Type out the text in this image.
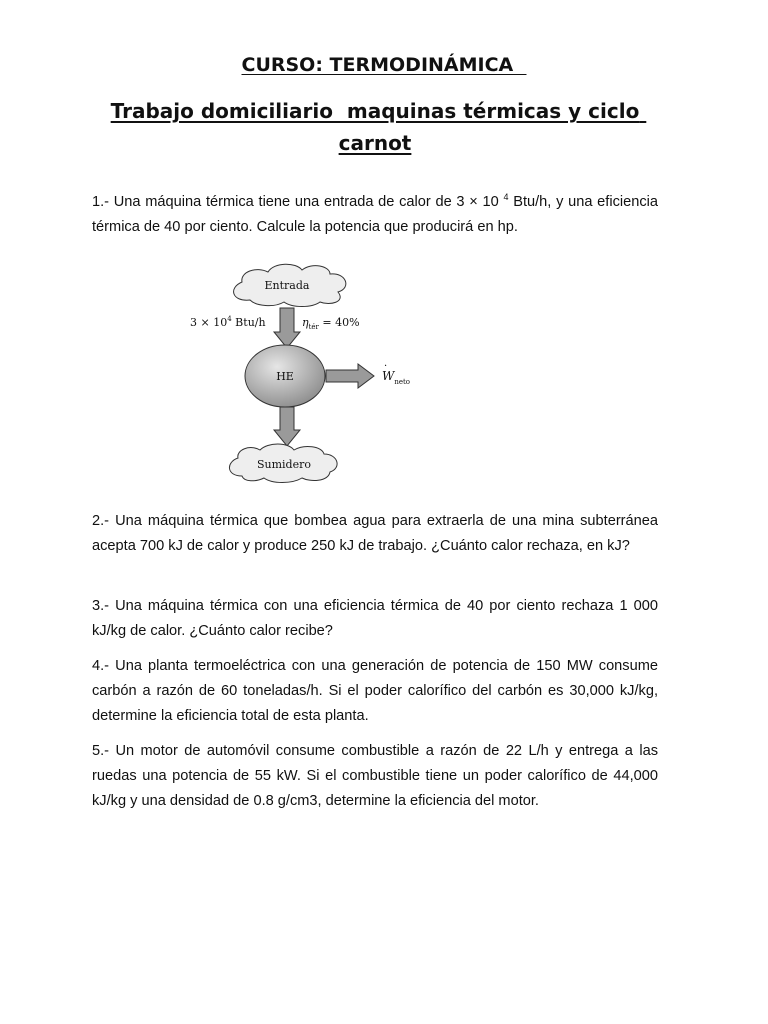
CURSO: TERMODINÁMICA
Trabajo domiciliario  maquinas térmicas y ciclo carnot

1.- Una máquina térmica tiene una entrada de calor de 3 × 10 $^4$ Btu/h, y una eficiencia térmica de 40 por ciento. Calcule la potencia que producirá en hp.

Entrada
$3 \times 10^4$ Btu/h	$\eta_{tér} = 40\%$
$W_{neto}$
·
HE
Sumidero

2.- Una máquina térmica que bombea agua para extraerla de una mina subterránea acepta 700 kJ de calor y produce 250 kJ de trabajo. ¿Cuánto calor rechaza, en kJ?

3.- Una máquina térmica con una eficiencia térmica de 40 por ciento rechaza 1 000 kJ/kg de calor. ¿Cuánto calor recibe?

4.- Una planta termoeléctrica con una generación de potencia de 150 MW consume carbón a razón de 60 toneladas/h. Si el poder calorífico del carbón es 30,000 kJ/kg, determine la eficiencia total de esta planta.

5.- Un motor de automóvil consume combustible a razón de 22 L/h y entrega a las ruedas una potencia de 55 kW. Si el combustible tiene un poder calorífico de 44,000 kJ/kg y una densidad de 0.8 g/cm3, determine la eficiencia del motor.
